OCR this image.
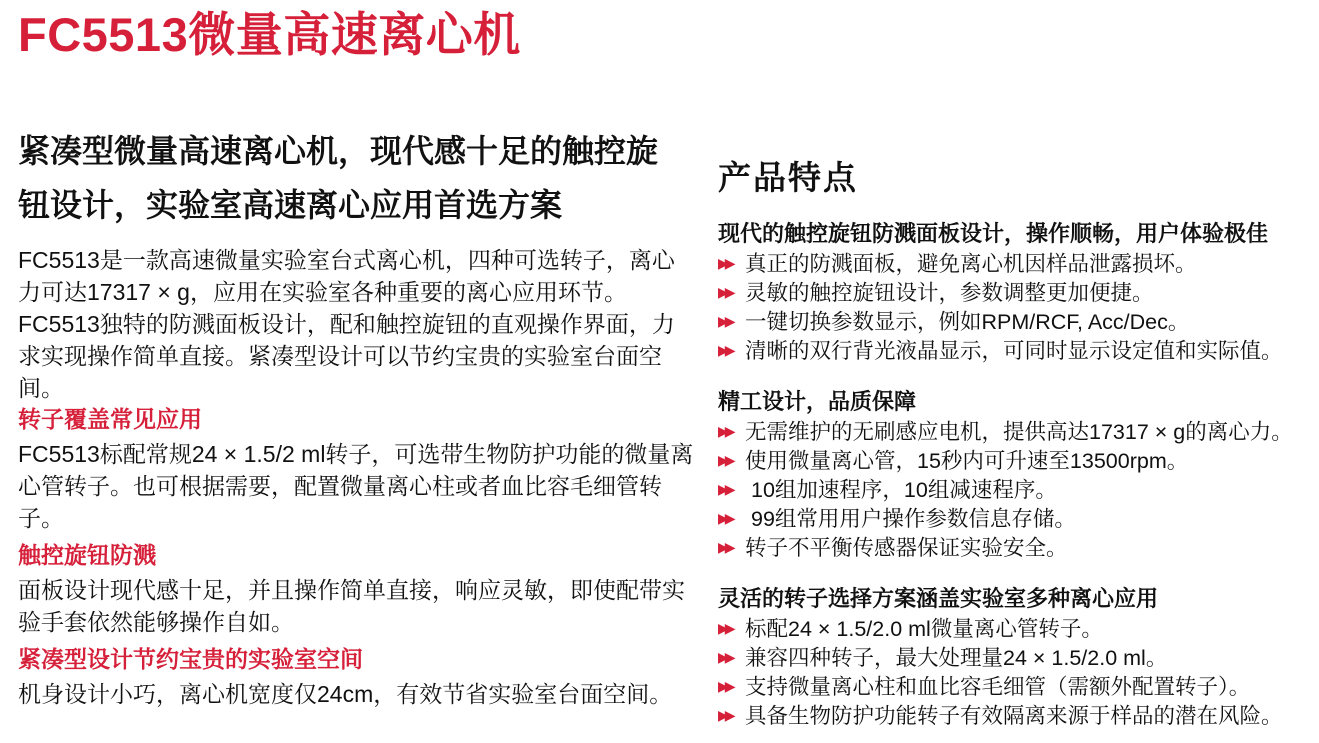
FC5513微量高速离心机
紧凑型微量高速离心机，现代感十足的触控旋钮设计，实验室高速离心应用首选方案

FC5513是一款高速微量实验室台式离心机，四种可选转子，离心力可达17317 × g，应用在实验室各种重要的离心应用环节。FC5513独特的防溅面板设计，配和触控旋钮的直观操作界面，力求实现操作简单直接。紧凑型设计可以节约宝贵的实验室台面空间。

转子覆盖常见应用

FC5513标配常规24 × 1.5/2 ml转子，可选带生物防护功能的微量离心管转子。也可根据需要，配置微量离心柱或者血比容毛细管转子。

触控旋钮防溅

面板设计现代感十足，并且操作简单直接，响应灵敏，即使配带实验手套依然能够操作自如。

紧凑型设计节约宝贵的实验室空间

机身设计小巧，离心机宽度仅24cm，有效节省实验室台面空间。

产品特点
现代的触控旋钮防溅面板设计，操作顺畅，用户体验极佳
▶▶ 真正的防溅面板，避免离心机因样品泄露损坏。
▶▶ 灵敏的触控旋钮设计，参数调整更加便捷。
▶▶ 一键切换参数显示，例如RPM/RCF, Acc/Dec。
▶▶ 清晰的双行背光液晶显示，可同时显示设定值和实际值。
精工设计，品质保障
▶▶ 无需维护的无刷感应电机，提供高达17317 × g的离心力。
▶▶ 使用微量离心管，15秒内可升速至13500rpm。
▶▶ 10组加速程序，10组减速程序。
▶▶ 99组常用用户操作参数信息存储。
▶▶ 转子不平衡传感器保证实验安全。
灵活的转子选择方案涵盖实验室多种离心应用
▶▶ 标配24 × 1.5/2.0 ml微量离心管转子。
▶▶ 兼容四种转子，最大处理量24 × 1.5/2.0 ml。
▶▶ 支持微量离心柱和血比容毛细管（需额外配置转子）。
▶▶ 具备生物防护功能转子有效隔离来源于样品的潜在风险。
